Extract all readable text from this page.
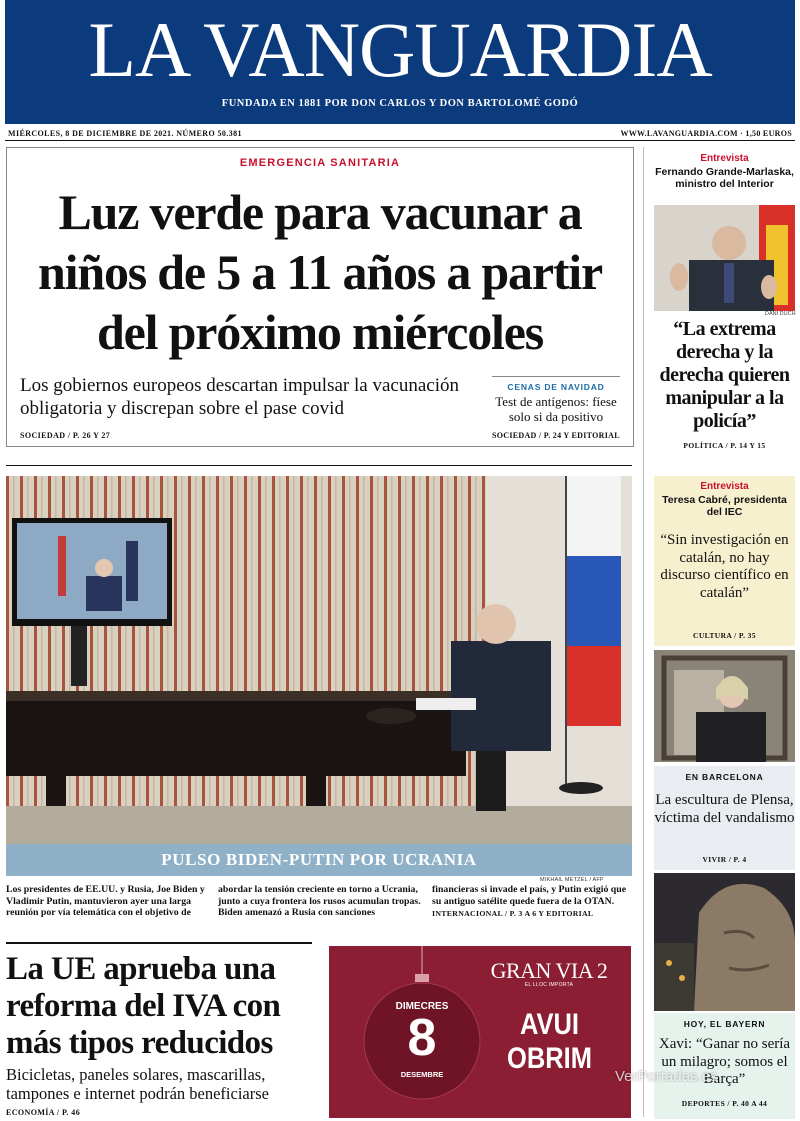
LA VANGUARDIA
FUNDADA EN 1881 POR DON CARLOS Y DON BARTOLOMÉ GODÓ
MIÉRCOLES, 8 DE DICIEMBRE DE 2021. NÚMERO 50.381	WWW.LAVANGUARDIA.COM · 1,50 EUROS
EMERGENCIA SANITARIA
Luz verde para vacunar a niños de 5 a 11 años a partir del próximo miércoles
Los gobiernos europeos descartan impulsar la vacunación obligatoria y discrepan sobre el pase covid
SOCIEDAD / P. 26 Y 27
CENAS DE NAVIDAD
Test de antígenos: fíese solo si da positivo
SOCIEDAD / P. 24 Y EDITORIAL
PULSO BIDEN-PUTIN POR UCRANIA
MIKHAIL METZEL / AFP
Los presidentes de EE.UU. y Rusia, Joe Biden y Vladimir Putin, mantuvieron ayer una larga reunión por vía telemática con el objetivo de
abordar la tensión creciente en torno a Ucrania, junto a cuya frontera los rusos acumulan tropas. Biden amenazó a Rusia con sanciones
financieras si invade el país, y Putin exigió que su antiguo satélite quede fuera de la OTAN.
INTERNACIONAL / P. 3 A 6 Y EDITORIAL
La UE aprueba una reforma del IVA con más tipos reducidos
Bicicletas, paneles solares, mascarillas, tampones e internet podrán beneficiarse
ECONOMÍA / P. 46
GRAN VIA 2
EL LLOC IMPORTA
DIMECRES
8
DESEMBRE
AVUI OBRIM
Entrevista
Fernando Grande-Marlaska, ministro del Interior
DANI DUCH
“La extrema derecha y la derecha quieren manipular a la policía”
POLÍTICA / P. 14 Y 15
Entrevista
Teresa Cabré, presidenta del IEC
“Sin investigación en catalán, no hay discurso científico en catalán”
CULTURA / P. 35
EN BARCELONA
La escultura de Plensa, víctima del vandalismo
VIVIR / P. 4
HOY, EL BAYERN
Xavi: “Ganar no sería un milagro; somos el Barça”
DEPORTES / P. 40 A 44
VerPortadas.es
